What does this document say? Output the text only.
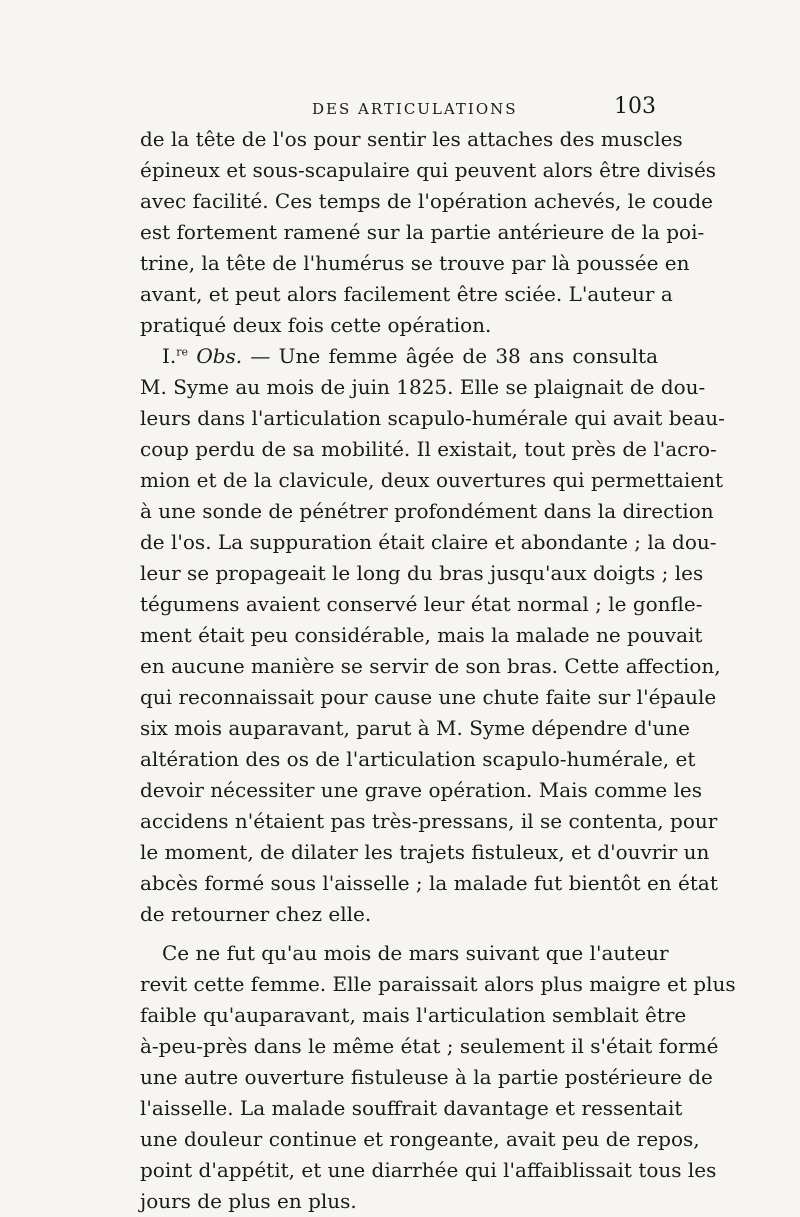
DES ARTICULATIONS	103
de la tête de l'os pour sentir les attaches des muscles
épineux et sous-scapulaire qui peuvent alors être divisés
avec facilité. Ces temps de l'opération achevés, le coude
est fortement ramené sur la partie antérieure de la poi-
trine, la tête de l'humérus se trouve par là poussée en
avant, et peut alors facilement être sciée. L'auteur a
pratiqué deux fois cette opération.
I.$^{re}$ Obs. — Une femme âgée de 38 ans consulta
M. Syme au mois de juin 1825. Elle se plaignait de dou-
leurs dans l'articulation scapulo-humérale qui avait beau-
coup perdu de sa mobilité. Il existait, tout près de l'acro-
mion et de la clavicule, deux ouvertures qui permettaient
à une sonde de pénétrer profondément dans la direction
de l'os. La suppuration était claire et abondante ; la dou-
leur se propageait le long du bras jusqu'aux doigts ; les
tégumens avaient conservé leur état normal ; le gonfle-
ment était peu considérable, mais la malade ne pouvait
en aucune manière se servir de son bras. Cette affection,
qui reconnaissait pour cause une chute faite sur l'épaule
six mois auparavant, parut à M. Syme dépendre d'une
altération des os de l'articulation scapulo-humérale, et
devoir nécessiter une grave opération. Mais comme les
accidens n'étaient pas très-pressans, il se contenta, pour
le moment, de dilater les trajets fistuleux, et d'ouvrir un
abcès formé sous l'aisselle ; la malade fut bientôt en état
de retourner chez elle.
Ce ne fut qu'au mois de mars suivant que l'auteur
revit cette femme. Elle paraissait alors plus maigre et plus
faible qu'auparavant, mais l'articulation semblait être
à-peu-près dans le même état ; seulement il s'était formé
une autre ouverture fistuleuse à la partie postérieure de
l'aisselle. La malade souffrait davantage et ressentait
une douleur continue et rongeante, avait peu de repos,
point d'appétit, et une diarrhée qui l'affaiblissait tous les
jours de plus en plus.
